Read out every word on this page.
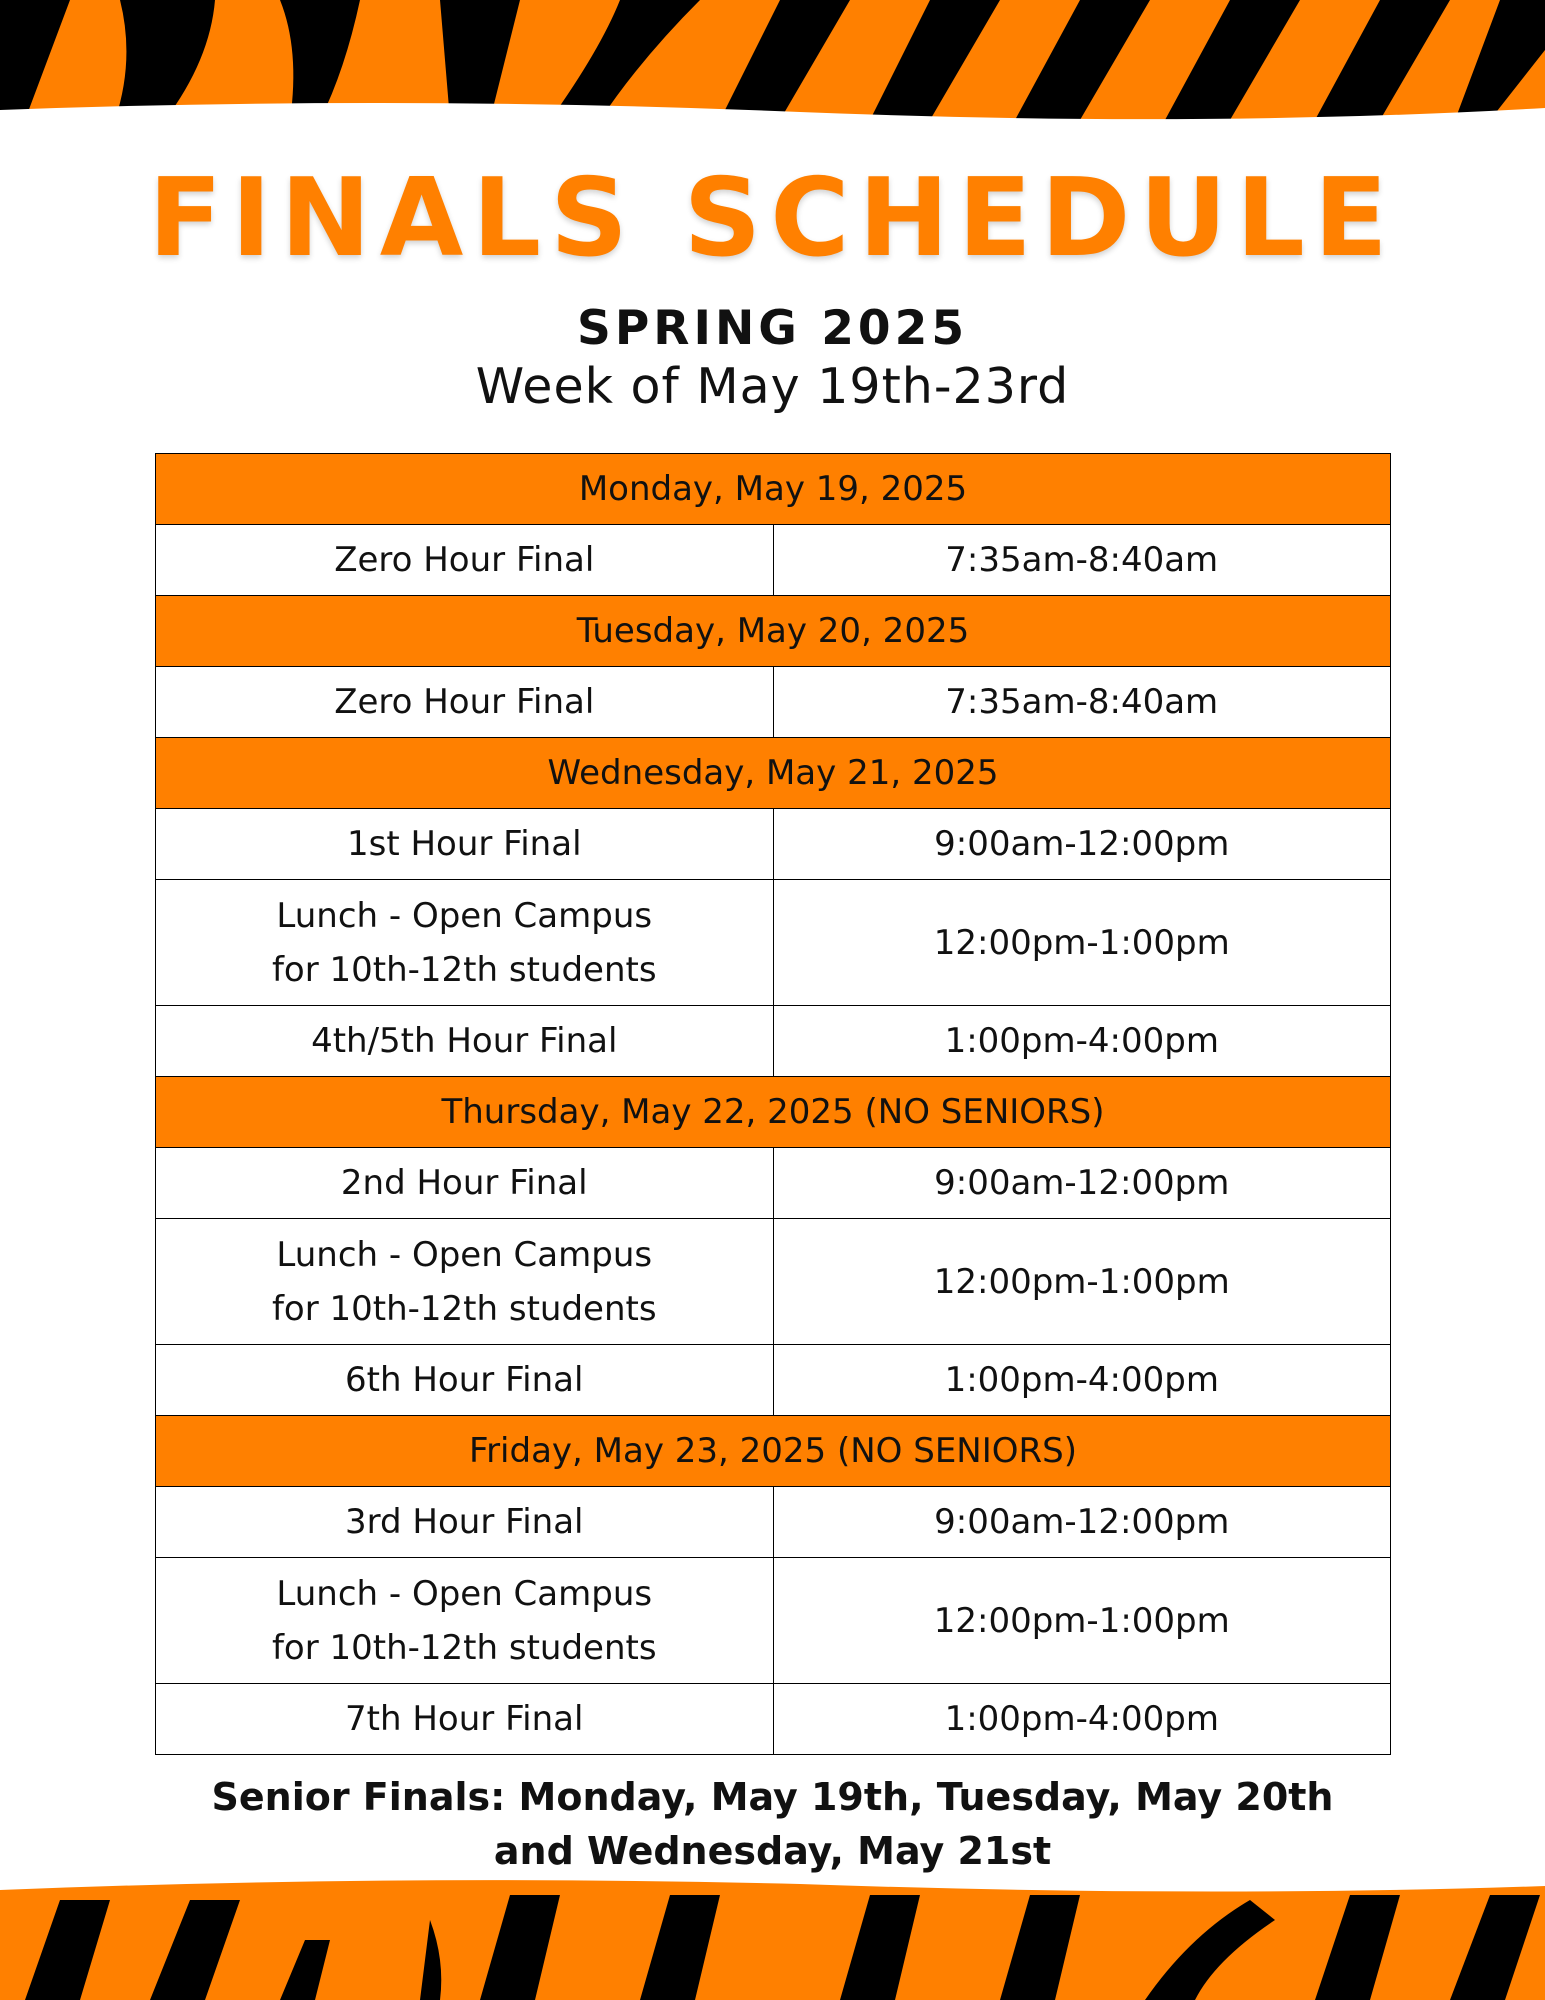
FINALS SCHEDULE
SPRING 2025
Week of May 19th-23rd
Monday, May 19, 2025	
Zero Hour Final	7:35am-8:40am
Tuesday, May 20, 2025	
Zero Hour Final	7:35am-8:40am
Wednesday, May 21, 2025	
1st Hour Final	9:00am-12:00pm

Lunch - Open Campus
for 10th-12th students	12:00pm-1:00pm
4th/5th Hour Final	1:00pm-4:00pm
Thursday, May 22, 2025 (NO SENIORS)	
2nd Hour Final	9:00am-12:00pm

Lunch - Open Campus
for 10th-12th students	12:00pm-1:00pm
6th Hour Final	1:00pm-4:00pm
Friday, May 23, 2025 (NO SENIORS)	
3rd Hour Final	9:00am-12:00pm

Lunch - Open Campus
for 10th-12th students	12:00pm-1:00pm
7th Hour Final	1:00pm-4:00pm
Senior Finals: Monday, May 19th, Tuesday, May 20th
and Wednesday, May 21st
